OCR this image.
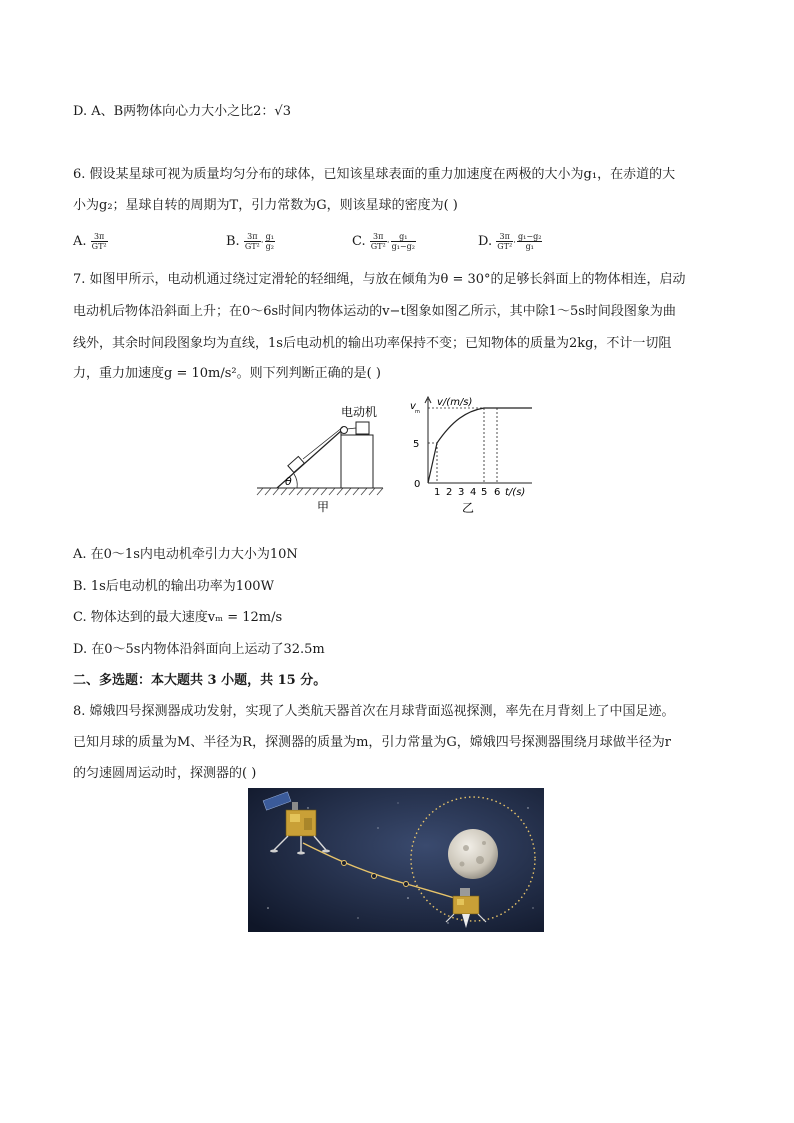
D. A、B两物体向心力大小之比2：√3
6. 假设某星球可视为质量均匀分布的球体，已知该星球表面的重力加速度在两极的大小为g₁，在赤道的大
小为g₂；星球自转的周期为T，引力常数为G，则该星球的密度为( )
A. $\frac{3\pi}{\text{GT²}}$	B. $\frac{3\pi}{\text{GT²}} \cdot \frac{\text{g₁}}{\text{g₂}}$	C. $\frac{3\pi}{\text{GT²}} \cdot \frac{\text{g₁}}{\text{g₁−g₂}}$	D. $\frac{3\pi}{\text{GT²}} \cdot \frac{\text{g₁−g₂}}{\text{g₁}}$
7. 如图甲所示，电动机通过绕过定滑轮的轻细绳，与放在倾角为θ = 30°的足够长斜面上的物体相连，启动
电动机后物体沿斜面上升；在0～6s时间内物体运动的v−t图象如图乙所示，其中除1～5s时间段图象为曲
线外，其余时间段图象均为直线，1s后电动机的输出功率保持不变；已知物体的质量为2kg，不计一切阻
力，重力加速度g = 10m/s²。则下列判断正确的是( )
θ
电动机
甲
v/(m/s)
v m
5
0
1 2 3 4 5 6 t/(s)
乙
A. 在0～1s内电动机牵引力大小为10N
B. 1s后电动机的输出功率为100W
C. 物体达到的最大速度vₘ = 12m/s
D. 在0～5s内物体沿斜面向上运动了32.5m
二、多选题：本大题共 3 小题，共 15 分。
8. 嫦娥四号探测器成功发射，实现了人类航天器首次在月球背面巡视探测，率先在月背刻上了中国足迹。
已知月球的质量为M、半径为R，探测器的质量为m，引力常量为G，嫦娥四号探测器围绕月球做半径为r
的匀速圆周运动时，探测器的( )
